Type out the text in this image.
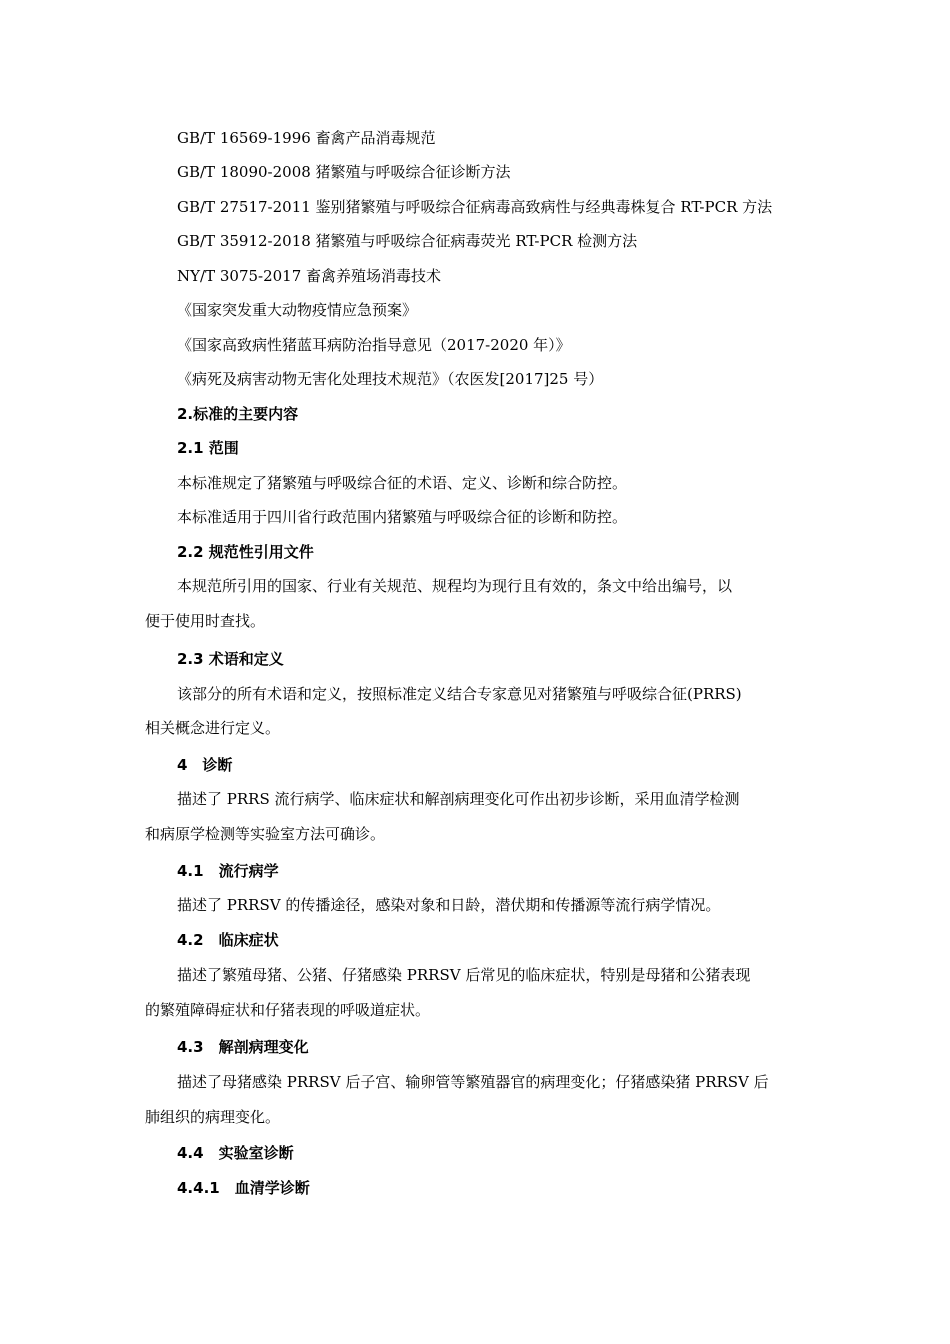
GB/T 16569-1996 畜禽产品消毒规范
GB/T 18090-2008 猪繁殖与呼吸综合征诊断方法
GB/T 27517-2011 鉴别猪繁殖与呼吸综合征病毒高致病性与经典毒株复合 RT-PCR 方法
GB/T 35912-2018 猪繁殖与呼吸综合征病毒荧光 RT-PCR 检测方法
NY/T 3075-2017 畜禽养殖场消毒技术
《国家突发重大动物疫情应急预案》
《国家高致病性猪蓝耳病防治指导意见（2017-2020 年）》
《病死及病害动物无害化处理技术规范》（农医发[2017]25 号）
2.标准的主要内容
2.1 范围
本标准规定了猪繁殖与呼吸综合征的术语、定义、诊断和综合防控。
本标准适用于四川省行政范围内猪繁殖与呼吸综合征的诊断和防控。
2.2 规范性引用文件
本规范所引用的国家、行业有关规范、规程均为现行且有效的，条文中给出编号，以
便于使用时查找。
2.3 术语和定义
该部分的所有术语和定义，按照标准定义结合专家意见对猪繁殖与呼吸综合征(PRRS)
相关概念进行定义。
4　诊断
描述了 PRRS 流行病学、临床症状和解剖病理变化可作出初步诊断，采用血清学检测
和病原学检测等实验室方法可确诊。
4.1　流行病学
描述了 PRRSV 的传播途径，感染对象和日龄，潜伏期和传播源等流行病学情况。
4.2　临床症状
描述了繁殖母猪、公猪、仔猪感染 PRRSV 后常见的临床症状，特别是母猪和公猪表现
的繁殖障碍症状和仔猪表现的呼吸道症状。
4.3　解剖病理变化
描述了母猪感染 PRRSV 后子宫、输卵管等繁殖器官的病理变化；仔猪感染猪 PRRSV 后
肺组织的病理变化。
4.4　实验室诊断
4.4.1　血清学诊断
